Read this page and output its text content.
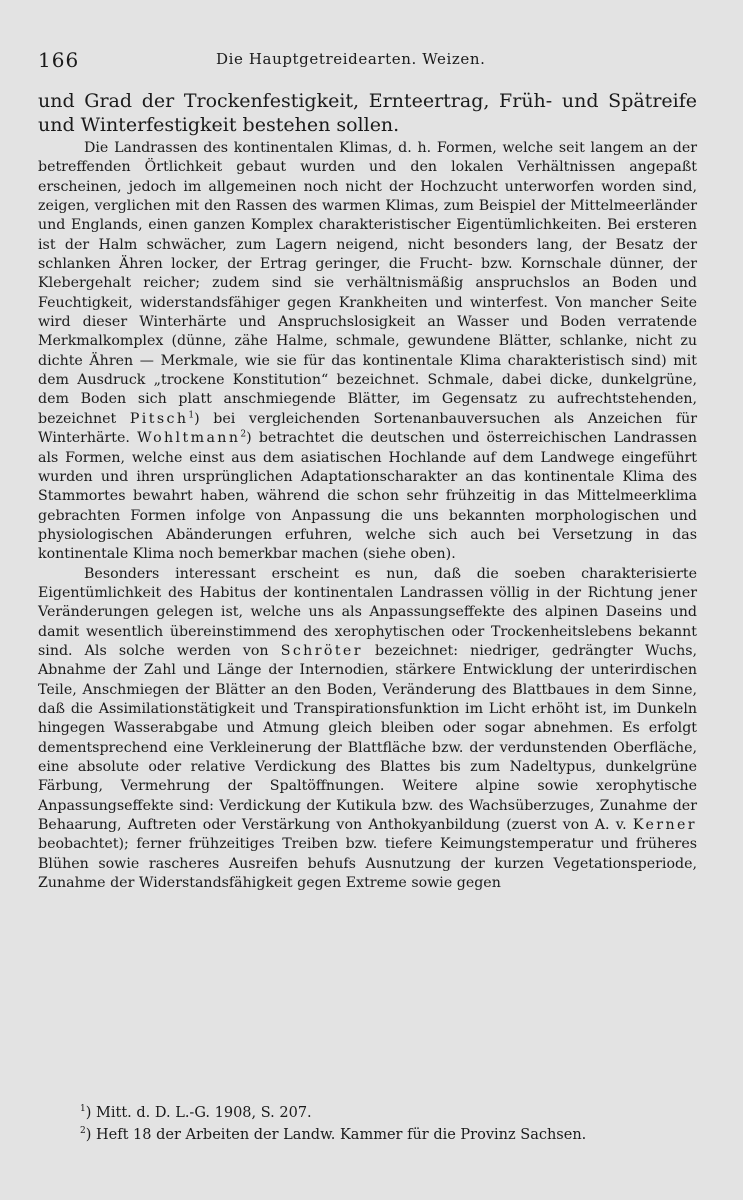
166	Die Hauptgetreidearten. Weizen.

und Grad der Trockenfestigkeit, Ernteertrag, Früh- und Spätreife und Winterfestigkeit bestehen sollen.

Die Landrassen des kontinentalen Klimas, d. h. Formen, welche seit langem an der betreffenden Örtlichkeit gebaut wurden und den lokalen Verhältnissen angepaßt erscheinen, jedoch im allgemeinen noch nicht der Hochzucht unterworfen worden sind, zeigen, verglichen mit den Rassen des warmen Klimas, zum Beispiel der Mittelmeerländer und Englands, einen ganzen Komplex charakteristischer Eigentümlichkeiten. Bei ersteren ist der Halm schwächer, zum Lagern neigend, nicht besonders lang, der Besatz der schlanken Ähren locker, der Ertrag geringer, die Frucht- bzw. Kornschale dünner, der Klebergehalt reicher; zudem sind sie verhältnismäßig anspruchslos an Boden und Feuchtigkeit, widerstandsfähiger gegen Krankheiten und winterfest. Von mancher Seite wird dieser Winterhärte und Anspruchslosigkeit an Wasser und Boden verratende Merkmalkomplex (dünne, zähe Halme, schmale, gewundene Blätter, schlanke, nicht zu dichte Ähren — Merkmale, wie sie für das kontinentale Klima charakteristisch sind) mit dem Ausdruck „trockene Konstitution“ bezeichnet. Schmale, dabei dicke, dunkelgrüne, dem Boden sich platt anschmiegende Blätter, im Gegensatz zu aufrechtstehenden, bezeichnet Pitsch$^1$) bei vergleichenden Sortenanbauversuchen als Anzeichen für Winterhärte. Wohltmann$^2$) betrachtet die deutschen und österreichischen Landrassen als Formen, welche einst aus dem asiatischen Hochlande auf dem Landwege eingeführt wurden und ihren ursprünglichen Adaptationscharakter an das kontinentale Klima des Stammortes bewahrt haben, während die schon sehr frühzeitig in das Mittelmeerklima gebrachten Formen infolge von Anpassung die uns bekannten morphologischen und physiologischen Abänderungen erfuhren, welche sich auch bei Versetzung in das kontinentale Klima noch bemerkbar machen (siehe oben).

Besonders interessant erscheint es nun, daß die soeben charakterisierte Eigentümlichkeit des Habitus der kontinentalen Landrassen völlig in der Richtung jener Veränderungen gelegen ist, welche uns als Anpassungseffekte des alpinen Daseins und damit wesentlich übereinstimmend des xerophytischen oder Trockenheitslebens bekannt sind. Als solche werden von Schröter bezeichnet: niedriger, gedrängter Wuchs, Abnahme der Zahl und Länge der Internodien, stärkere Entwicklung der unterirdischen Teile, Anschmiegen der Blätter an den Boden, Veränderung des Blattbaues in dem Sinne, daß die Assimilationstätigkeit und Transpirationsfunktion im Licht erhöht ist, im Dunkeln hingegen Wasserabgabe und Atmung gleich bleiben oder sogar abnehmen. Es erfolgt dementsprechend eine Verkleinerung der Blattfläche bzw. der verdunstenden Oberfläche, eine absolute oder relative Verdickung des Blattes bis zum Nadeltypus, dunkelgrüne Färbung, Vermehrung der Spaltöffnungen. Weitere alpine sowie xerophytische Anpassungseffekte sind: Verdickung der Kutikula bzw. des Wachsüberzuges, Zunahme der Behaarung, Auftreten oder Verstärkung von Anthokyanbildung (zuerst von A. v. Kerner beobachtet); ferner frühzeitiges Treiben bzw. tiefere Keimungstemperatur und früheres Blühen sowie rascheres Ausreifen behufs Ausnutzung der kurzen Vegetationsperiode, Zunahme der Widerstandsfähigkeit gegen Extreme sowie gegen

$^1$) Mitt. d. D. L.-G. 1908, S. 207.

$^2$) Heft 18 der Arbeiten der Landw. Kammer für die Provinz Sachsen.
